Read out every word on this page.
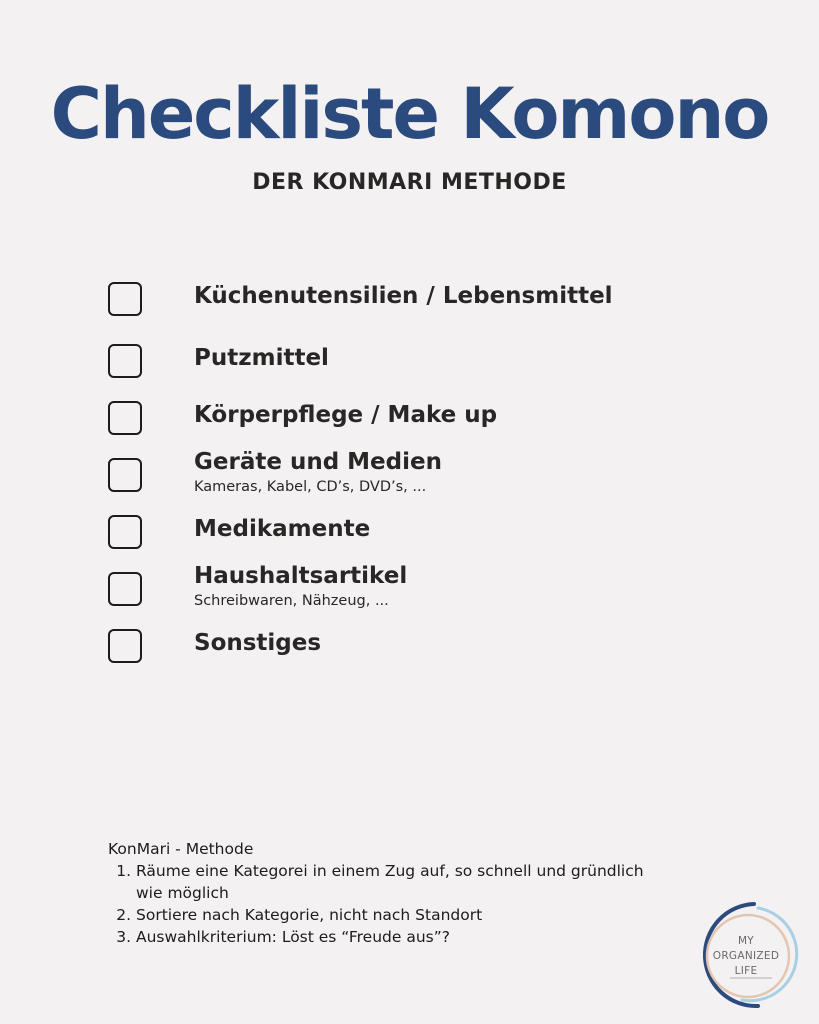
Checkliste Komono
DER KONMARI METHODE
Küchenutensilien / Lebensmittel
Putzmittel
Körperpflege / Make up
Geräte und Medien
Kameras, Kabel, CD’s, DVD’s, ...
Medikamente
Haushaltsartikel
Schreibwaren, Nähzeug, ...
Sonstiges

KonMari - Methode

1. Räume eine Kategorei in einem Zug auf, so schnell und gründlich wie möglich
2. Sortiere nach Kategorie, nicht nach Standort
3. Auswahlkriterium: Löst es “Freude aus”?	MY
ORGANIZED
LIFE
